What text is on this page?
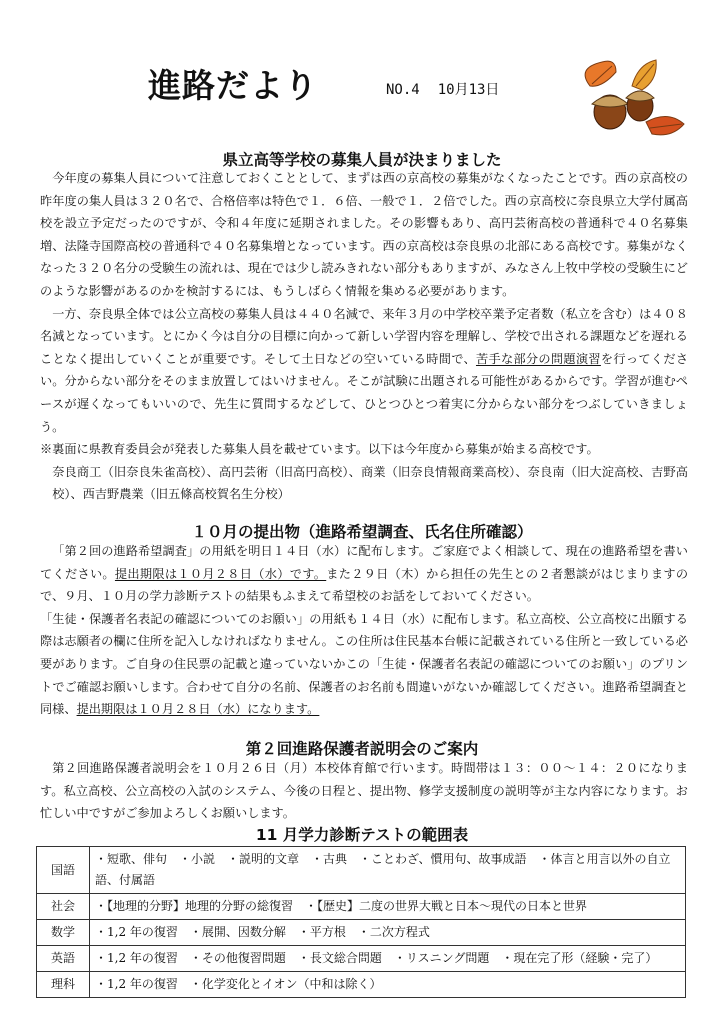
進路だより	NO.4 10月13日
県立高等学校の募集人員が決まりました

今年度の募集人員について注意しておくこととして、まずは西の京高校の募集がなくなったことです。西の京高校の昨年度の集人員は３２０名で、合格倍率は特色で１．６倍、一般で１．２倍でした。西の京高校に奈良県立大学付属高校を設立予定だったのですが、令和４年度に延期されました。その影響もあり、高円芸術高校の普通科で４０名募集増、法隆寺国際高校の普通科で４０名募集増となっています。西の京高校は奈良県の北部にある高校です。募集がなくなった３２０名分の受験生の流れは、現在では少し読みきれない部分もありますが、みなさん上牧中学校の受験生にどのような影響があるのかを検討するには、もうしばらく情報を集める必要があります。

一方、奈良県全体では公立高校の募集人員は４４０名減で、来年３月の中学校卒業予定者数（私立を含む）は４０８名減となっています。とにかく今は自分の目標に向かって新しい学習内容を理解し、学校で出される課題などを遅れることなく提出していくことが重要です。そして土日などの空いている時間で、苦手な部分の問題演習を行ってください。分からない部分をそのまま放置してはいけません。そこが試験に出題される可能性があるからです。学習が進むペースが遅くなってもいいので、先生に質問するなどして、ひとつひとつ着実に分からない部分をつぶしていきましょう。

※裏面に県教育委員会が発表した募集人員を載せています。以下は今年度から募集が始まる高校です。

奈良商工（旧奈良朱雀高校）、高円芸術（旧高円高校）、商業（旧奈良情報商業高校）、奈良南（旧大淀高校、吉野高校）、西吉野農業（旧五條高校賀名生分校）

１０月の提出物（進路希望調査、氏名住所確認）

「第２回の進路希望調査」の用紙を明日１４日（水）に配布します。ご家庭でよく相談して、現在の進路希望を書いてください。提出期限は１０月２８日（水）です。また２９日（木）から担任の先生との２者懇談がはじまりますので、９月、１０月の学力診断テストの結果もふまえて希望校のお話をしておいてください。

「生徒・保護者名表記の確認についてのお願い」の用紙も１４日（水）に配布します。私立高校、公立高校に出願する際は志願者の欄に住所を記入しなければなりません。この住所は住民基本台帳に記載されている住所と一致している必要があります。ご自身の住民票の記載と違っていないかこの「生徒・保護者名表記の確認についてのお願い」のプリントでご確認お願いします。合わせて自分の名前、保護者のお名前も間違いがないか確認してください。進路希望調査と同様、提出期限は１０月２８日（水）になります。

第２回進路保護者説明会のご案内

第２回進路保護者説明会を１０月２６日（月）本校体育館で行います。時間帯は１３：００～１４：２０になります。私立高校、公立高校の入試のシステム、今後の日程と、提出物、修学支援制度の説明等が主な内容になります。お忙しい中ですがご参加よろしくお願いします。

11 月学力診断テストの範囲表
国語	・短歌、俳句　・小説　・説明的文章　・古典　・ことわざ、慣用句、故事成語　・体言と用言以外の自立語、付属語
社会	・【地理的分野】地理的分野の総復習　・【歴史】二度の世界大戦と日本～現代の日本と世界
数学	・1,2 年の復習　・展開、因数分解　・平方根　・二次方程式
英語	・1,2 年の復習　・その他復習問題　・長文総合問題　・リスニング問題　・現在完了形（経験・完了）
理科	・1,2 年の復習　・化学変化とイオン（中和は除く）
